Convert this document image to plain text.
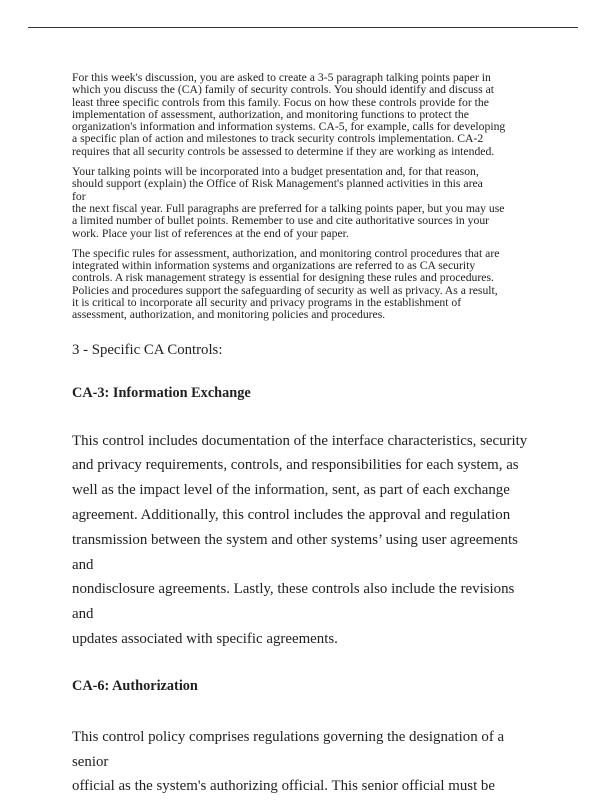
For this week's discussion, you are asked to create a 3-5 paragraph talking points paper in
which you discuss the (CA) family of security controls. You should identify and discuss at
least three specific controls from this family. Focus on how these controls provide for the
implementation of assessment, authorization, and monitoring functions to protect the
organization's information and information systems. CA-5, for example, calls for developing
a specific plan of action and milestones to track security controls implementation. CA-2
requires that all security controls be assessed to determine if they are working as intended.

Your talking points will be incorporated into a budget presentation and, for that reason,
should support (explain) the Office of Risk Management's planned activities in this area
for
the next fiscal year. Full paragraphs are preferred for a talking points paper, but you may use
a limited number of bullet points. Remember to use and cite authoritative sources in your
work. Place your list of references at the end of your paper.

The specific rules for assessment, authorization, and monitoring control procedures that are
integrated within information systems and organizations are referred to as CA security
controls. A risk management strategy is essential for designing these rules and procedures.
Policies and procedures support the safeguarding of security as well as privacy. As a result,
it is critical to incorporate all security and privacy programs in the establishment of
assessment, authorization, and monitoring policies and procedures.

3 - Specific CA Controls:
CA-3: Information Exchange

This control includes documentation of the interface characteristics, security
and privacy requirements, controls, and responsibilities for each system, as
well as the impact level of the information, sent, as part of each exchange
agreement. Additionally, this control includes the approval and regulation
transmission between the system and other systems’ using user agreements and
nondisclosure agreements. Lastly, these controls also include the revisions and
updates associated with specific agreements.

CA-6: Authorization

This control policy comprises regulations governing the designation of a senior
official as the system's authorizing official. This senior official must be
